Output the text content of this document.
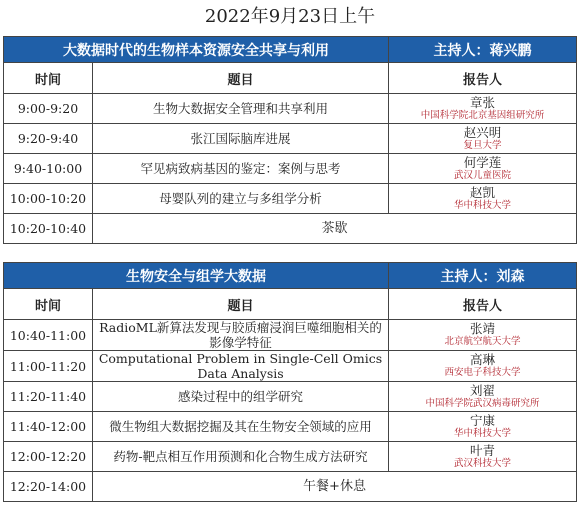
2022年9月23日上午
大数据时代的生物样本资源安全共享与利用		主持人：蒋兴鹏
时间	题目	报告人
9:00-9:20	生物大数据安全管理和共享利用	章张
中国科学院北京基因组研究所

9:20-9:40	张江国际脑库进展	赵兴明
复旦大学

9:40-10:00	罕见病致病基因的鉴定：案例与思考	何学莲
武汉儿童医院

10:00-10:20	母婴队列的建立与多组学分析	赵凯
华中科技大学

10:20-10:40	茶歇	
生物安全与组学大数据		主持人：刘森
时间	题目	报告人
10:40-11:00	RadioML新算法发现与胶质瘤浸润巨噬细胞相关的影像学特征	张靖
北京航空航天大学

11:00-11:20	Computational Problem in Single-Cell Omics Data Analysis	高琳
西安电子科技大学

11:20-11:40	感染过程中的组学研究	刘翟
中国科学院武汉病毒研究所

11:40-12:00	微生物组大数据挖掘及其在生物安全领域的应用	宁康
华中科技大学

12:00-12:20	药物-靶点相互作用预测和化合物生成方法研究	叶青
武汉科技大学

12:20-14:00	午餐+休息	
